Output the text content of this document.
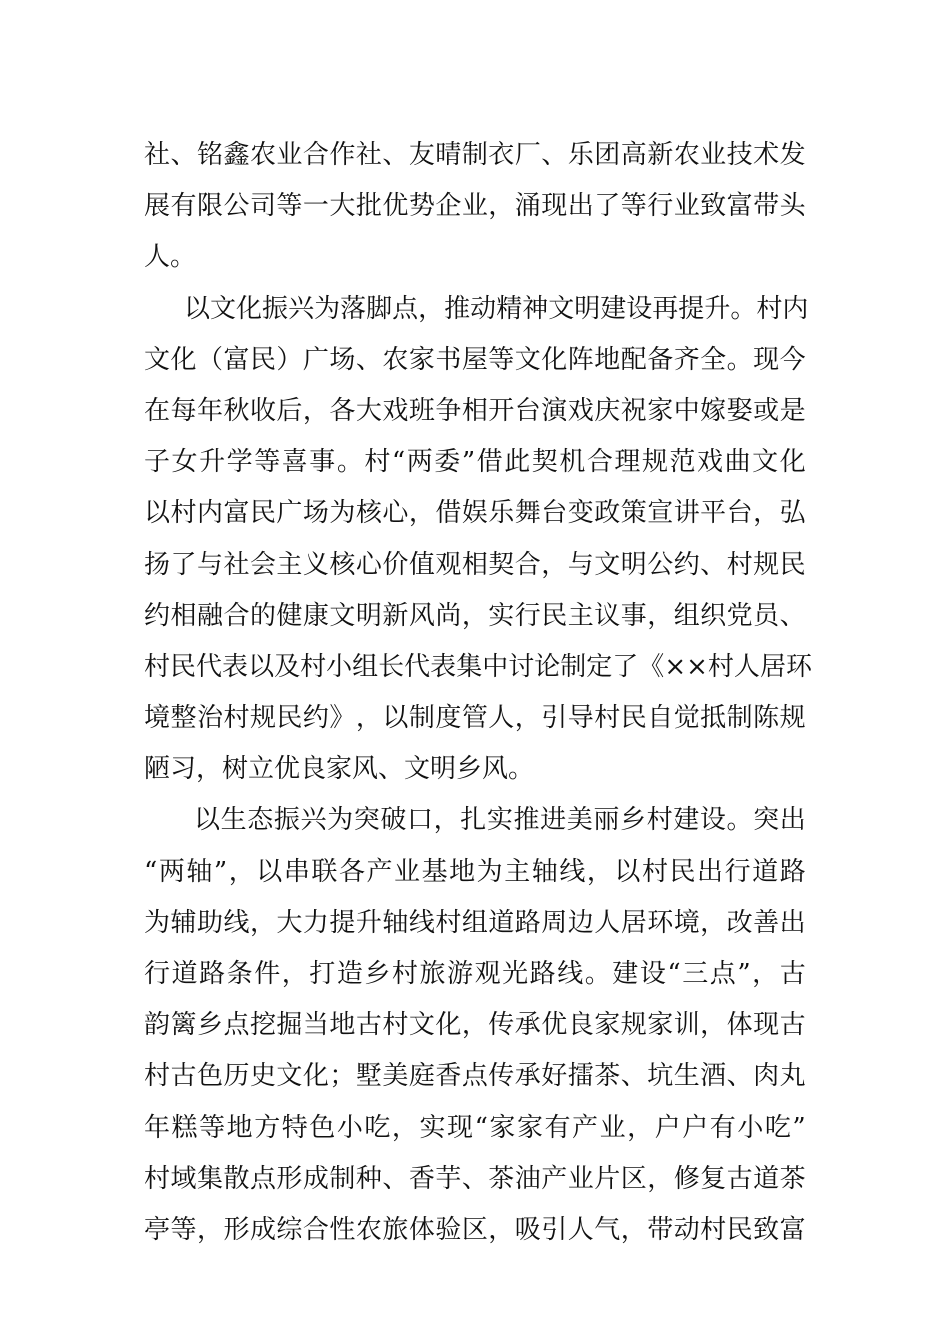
社 、 铭 鑫 农 业 合 作 社 、 友 晴 制 衣 厂 、 乐 团 高 新 农 业 技 术 发
展 有 限 公 司 等 一 大 批 优 势 企 业 ， 涌 现 出 了 等 行 业 致 富 带 头
人。
以 文 化 振 兴 为 落 脚 点 ， 推 动 精 神 文 明 建 设 再 提 升 。 村 内
文 化 （ 富 民 ） 广 场 、 农 家 书 屋 等 文 化 阵 地 配 备 齐 全 。 现 今
在 每 年 秋 收 后 ， 各 大 戏 班 争 相 开 台 演 戏 庆 祝 家 中 嫁 娶 或 是
子 女 升 学 等 喜 事 。 村 “ 两 委 ” 借 此 契 机 合 理 规 范 戏 曲 文 化
以 村 内 富 民 广 场 为 核 心 ， 借 娱 乐 舞 台 变 政 策 宣 讲 平 台 ， 弘
扬 了 与 社 会 主 义 核 心 价 值 观 相 契 合 ， 与 文 明 公 约 、 村 规 民
约 相 融 合 的 健 康 文 明 新 风 尚 ， 实 行 民 主 议 事 ， 组 织 党 员 、
村 民 代 表 以 及 村 小 组 长 代 表 集 中 讨 论 制 定 了 《 × × 村 人 居 环
境 整 治 村 规 民 约 》 ， 以 制 度 管 人 ， 引 导 村 民 自 觉 抵 制 陈 规
陋习，树立优良家风、文明乡风。
以 生 态 振 兴 为 突 破 口 ， 扎 实 推 进 美 丽 乡 村 建 设 。 突 出
“ 两 轴 ” ， 以 串 联 各 产 业 基 地 为 主 轴 线 ， 以 村 民 出 行 道 路
为 辅 助 线 ， 大 力 提 升 轴 线 村 组 道 路 周 边 人 居 环 境 ， 改 善 出
行 道 路 条 件 ， 打 造 乡 村 旅 游 观 光 路 线 。 建 设 “ 三 点 ” ， 古
韵 篱 乡 点 挖 掘 当 地 古 村 文 化 ， 传 承 优 良 家 规 家 训 ， 体 现 古
村 古 色 历 史 文 化 ； 墅 美 庭 香 点 传 承 好 擂 茶 、 坑 生 酒 、 肉 丸
年 糕 等 地 方 特 色 小 吃 ， 实 现 “ 家 家 有 产 业 ， 户 户 有 小 吃 ”
村 域 集 散 点 形 成 制 种 、 香 芋 、 茶 油 产 业 片 区 ， 修 复 古 道 茶
亭 等 ， 形 成 综 合 性 农 旅 体 验 区 ， 吸 引 人 气 ， 带 动 村 民 致 富
